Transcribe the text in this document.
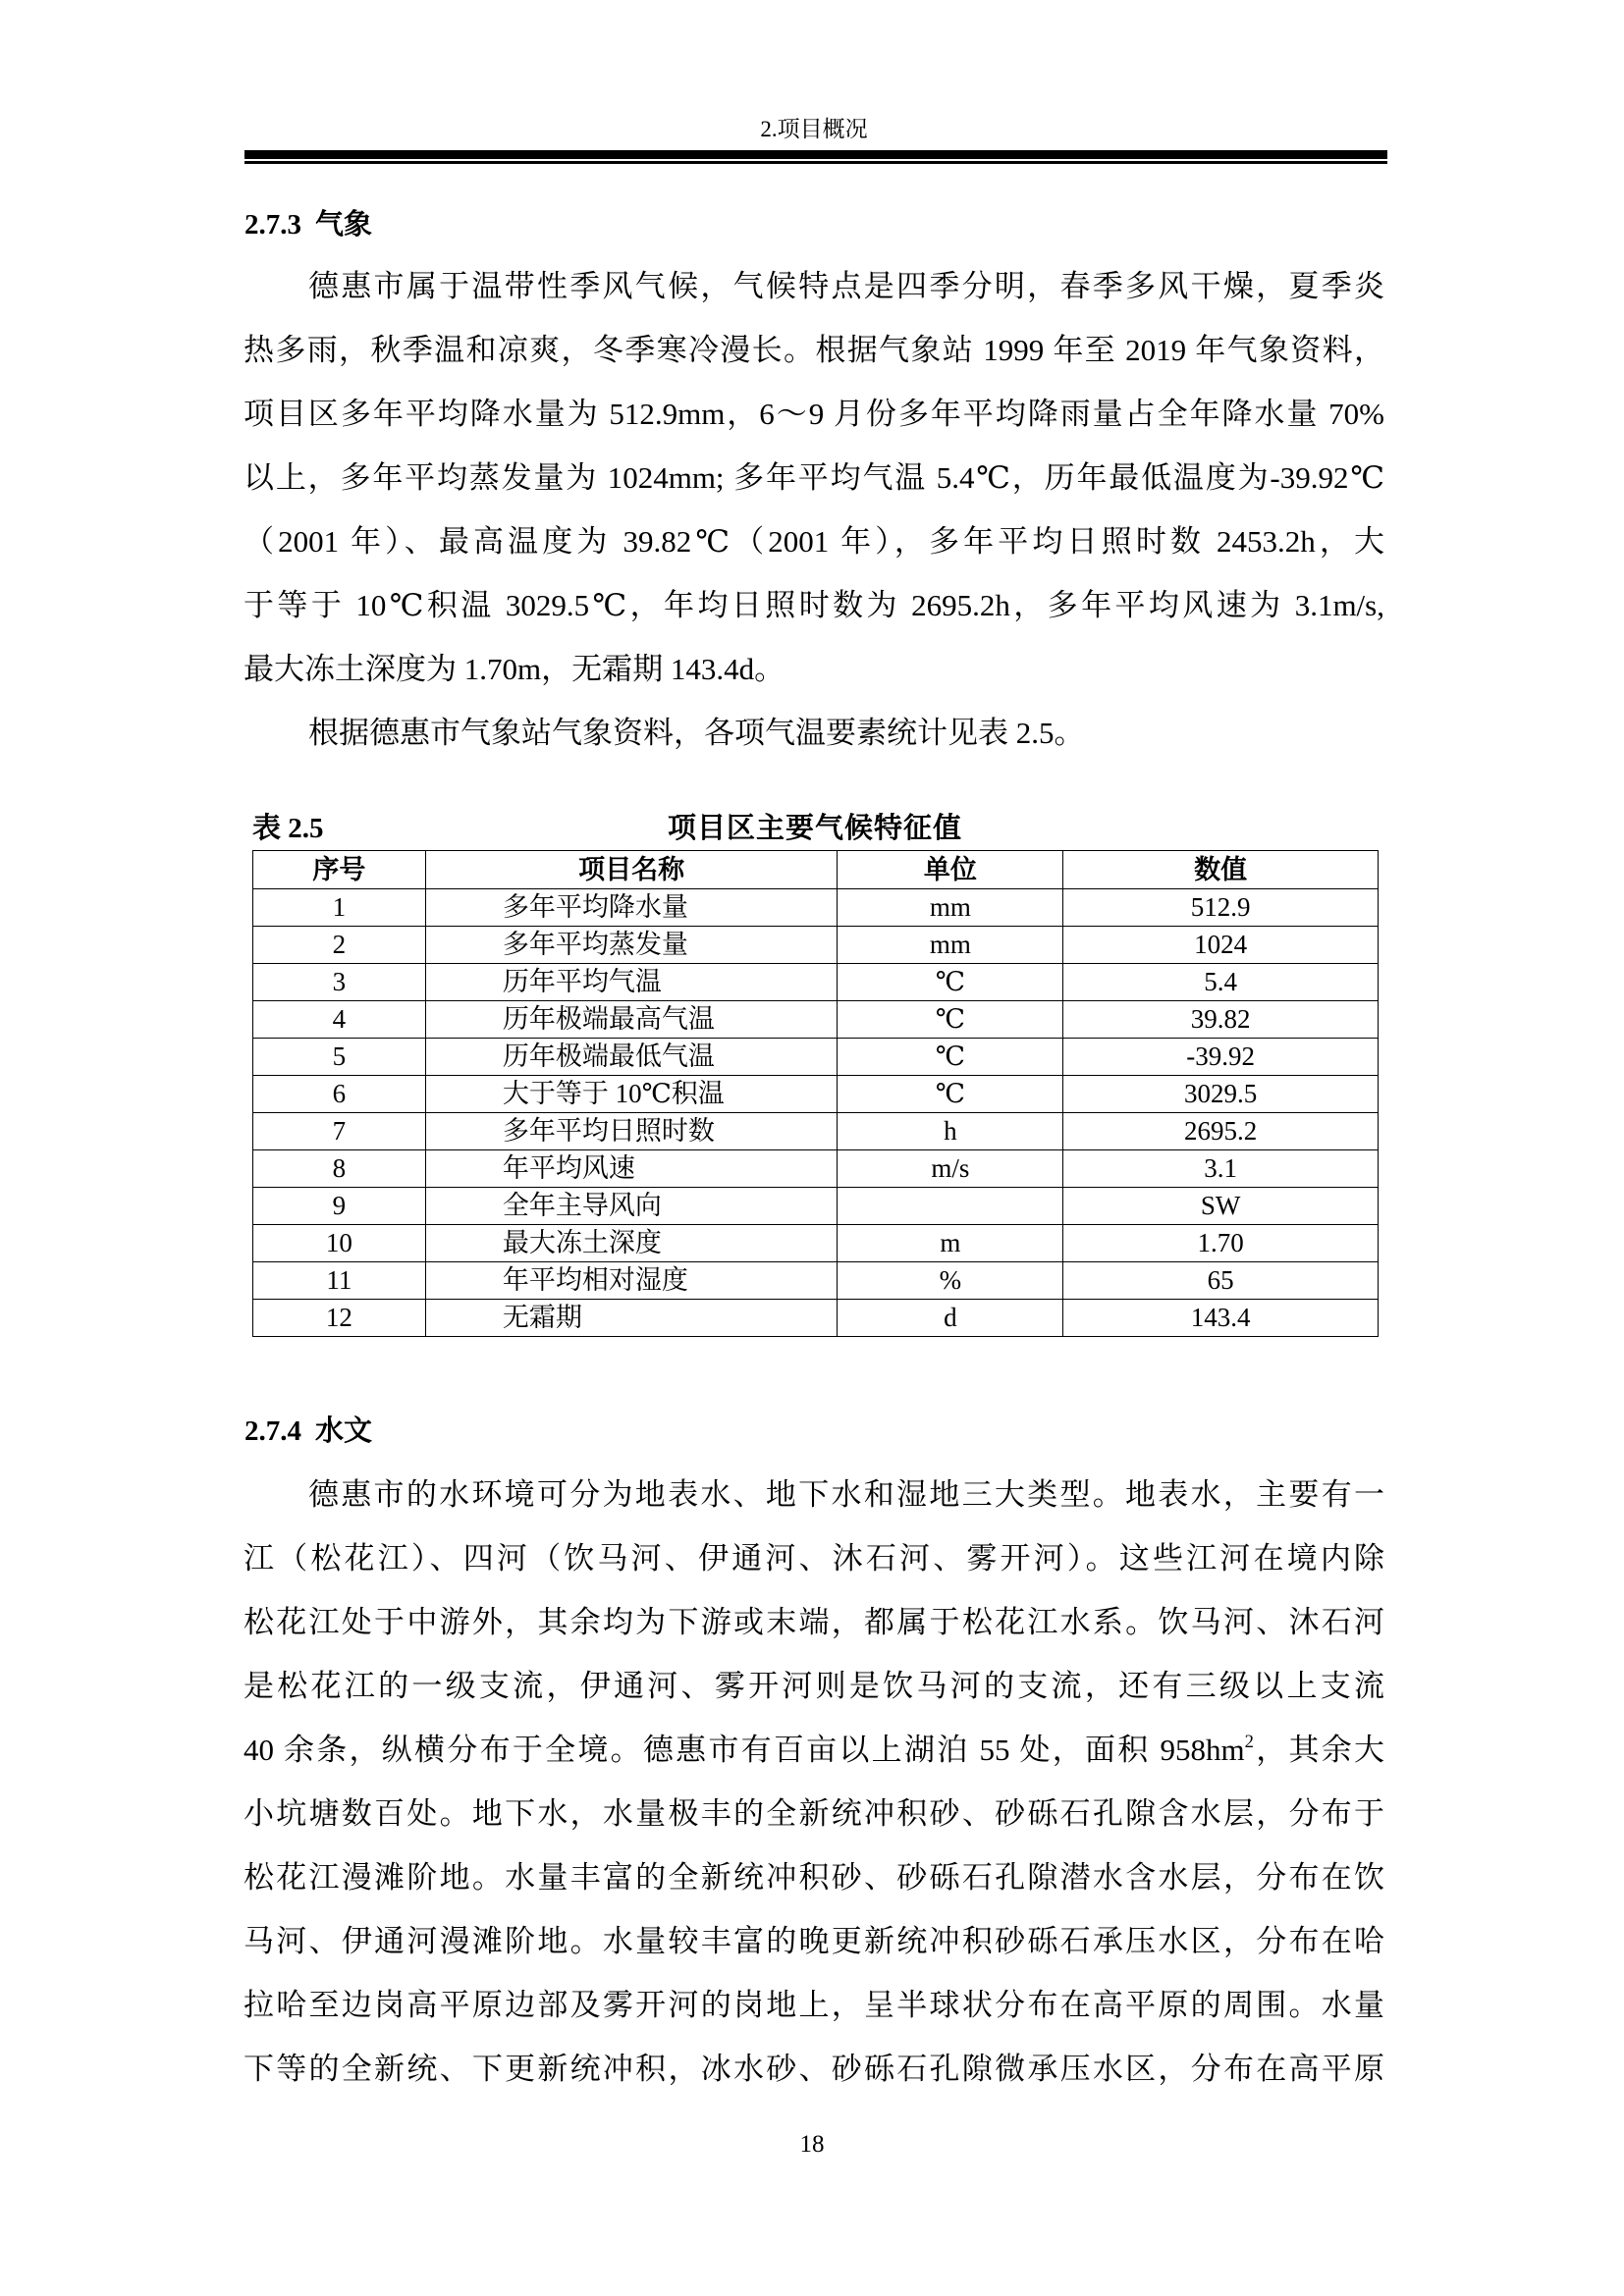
2.项目概况
2.7.3 气象
德惠市属于温带性季风气候，气候特点是四季分明，春季多风干燥，夏季炎
热多雨，秋季温和凉爽，冬季寒冷漫长。根据气象站 1999 年至 2019 年气象资料，
项目区多年平均降水量为 512.9mm，6～9 月份多年平均降雨量占全年降水量 70%
以上，多年平均蒸发量为 1024mm; 多年平均气温 5.4℃，历年最低温度为-39.92℃
（2001 年）、最高温度为 39.82℃（2001 年），多年平均日照时数 2453.2h，大
于等于 10℃积温 3029.5℃，年均日照时数为 2695.2h，多年平均风速为 3.1m/s,
最大冻土深度为 1.70m，无霜期 143.4d。
根据德惠市气象站气象资料，各项气温要素统计见表 2.5。
表 2.5	项目区主要气候特征值
序号	项目名称	单位	数值
1	多年平均降水量	mm	512.9
2	多年平均蒸发量	mm	1024
3	历年平均气温	℃	5.4
4	历年极端最高气温	℃	39.82
5	历年极端最低气温	℃	-39.92
6	大于等于 10℃积温	℃	3029.5
7	多年平均日照时数	h	2695.2
8	年平均风速	m/s	3.1
9	全年主导风向		SW
10	最大冻土深度	m	1.70
11	年平均相对湿度	%	65
12	无霜期	d	143.4
2.7.4 水文
德惠市的水环境可分为地表水、地下水和湿地三大类型。地表水，主要有一
江（松花江）、四河（饮马河、伊通河、沐石河、雾开河）。这些江河在境内除
松花江处于中游外，其余均为下游或末端，都属于松花江水系。饮马河、沐石河
是松花江的一级支流，伊通河、雾开河则是饮马河的支流，还有三级以上支流
40 余条，纵横分布于全境。德惠市有百亩以上湖泊 55 处，面积 $958hm^2$，其余大
小坑塘数百处。地下水，水量极丰的全新统冲积砂、砂砾石孔隙含水层，分布于
松花江漫滩阶地。水量丰富的全新统冲积砂、砂砾石孔隙潜水含水层，分布在饮
马河、伊通河漫滩阶地。水量较丰富的晚更新统冲积砂砾石承压水区，分布在哈
拉哈至边岗高平原边部及雾开河的岗地上，呈半球状分布在高平原的周围。水量
下等的全新统、下更新统冲积，冰水砂、砂砾石孔隙微承压水区，分布在高平原
18
